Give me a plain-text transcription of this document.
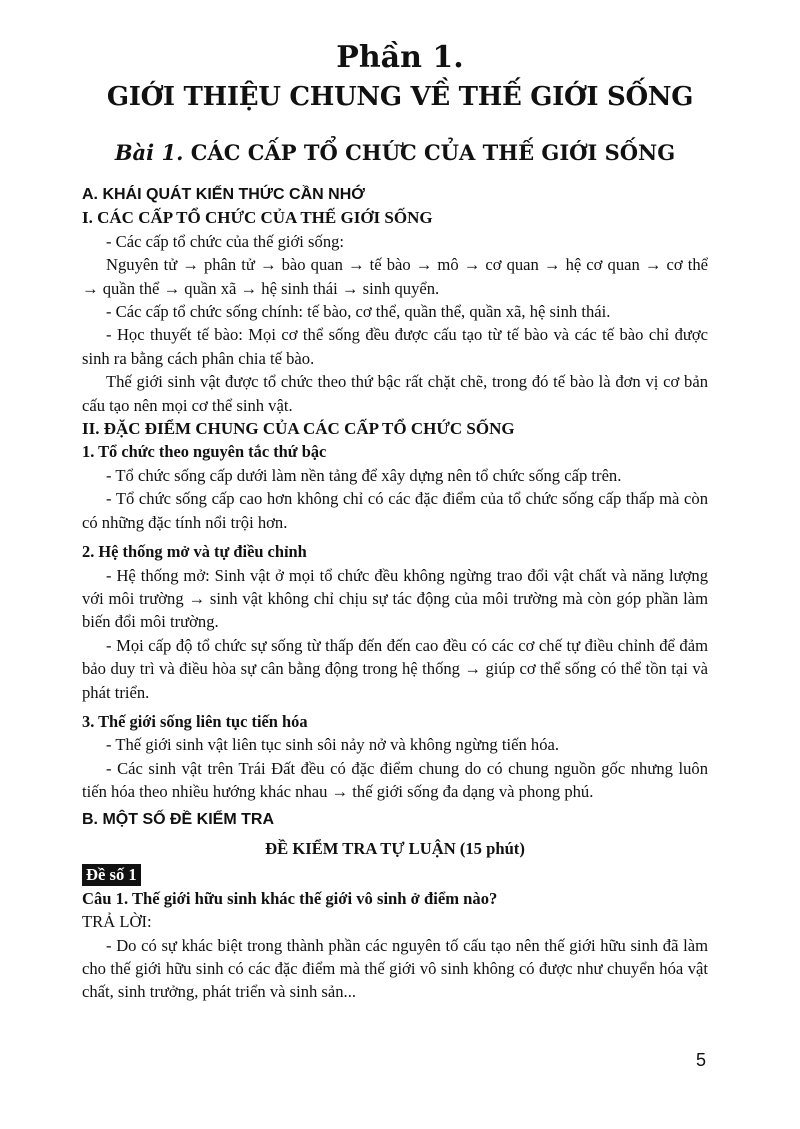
Phần 1.
GIỚI THIỆU CHUNG VỀ THẾ GIỚI SỐNG
Bài 1. CÁC CẤP TỔ CHỨC CỦA THẾ GIỚI SỐNG
A. KHÁI QUÁT KIẾN THỨC CẦN NHỚ
I. CÁC CẤP TỔ CHỨC CỦA THẾ GIỚI SỐNG

- Các cấp tổ chức của thế giới sống:

Nguyên tử → phân tử → bào quan → tế bào → mô → cơ quan → hệ cơ quan → cơ thể → quần thể → quần xã → hệ sinh thái → sinh quyển.

- Các cấp tổ chức sống chính: tế bào, cơ thể, quần thể, quần xã, hệ sinh thái.

- Học thuyết tế bào: Mọi cơ thể sống đều được cấu tạo từ tế bào và các tế bào chỉ được sinh ra bằng cách phân chia tế bào.

Thế giới sinh vật được tổ chức theo thứ bậc rất chặt chẽ, trong đó tế bào là đơn vị cơ bản cấu tạo nên mọi cơ thể sinh vật.

II. ĐẶC ĐIỂM CHUNG CỦA CÁC CẤP TỔ CHỨC SỐNG
1. Tổ chức theo nguyên tắc thứ bậc

- Tổ chức sống cấp dưới làm nền tảng để xây dựng nên tổ chức sống cấp trên.

- Tổ chức sống cấp cao hơn không chỉ có các đặc điểm của tổ chức sống cấp thấp mà còn có những đặc tính nổi trội hơn.

2. Hệ thống mở và tự điều chỉnh

- Hệ thống mở: Sinh vật ở mọi tổ chức đều không ngừng trao đổi vật chất và năng lượng với môi trường → sinh vật không chỉ chịu sự tác động của môi trường mà còn góp phần làm biến đổi môi trường.

- Mọi cấp độ tổ chức sự sống từ thấp đến đến cao đều có các cơ chế tự điều chỉnh để đảm bảo duy trì và điều hòa sự cân bằng động trong hệ thống → giúp cơ thể sống có thể tồn tại và phát triển.

3. Thế giới sống liên tục tiến hóa

- Thế giới sinh vật liên tục sinh sôi nảy nở và không ngừng tiến hóa.

- Các sinh vật trên Trái Đất đều có đặc điểm chung do có chung nguồn gốc nhưng luôn tiến hóa theo nhiều hướng khác nhau → thế giới sống đa dạng và phong phú.

B. MỘT SỐ ĐỀ KIỂM TRA
ĐỀ KIỂM TRA TỰ LUẬN (15 phút)
Đề số 1
Câu 1. Thế giới hữu sinh khác thế giới vô sinh ở điểm nào?
TRẢ LỜI:

- Do có sự khác biệt trong thành phần các nguyên tố cấu tạo nên thế giới hữu sinh đã làm cho thế giới hữu sinh có các đặc điểm mà thế giới vô sinh không có được như chuyển hóa vật chất, sinh trưởng, phát triển và sinh sản...

5
